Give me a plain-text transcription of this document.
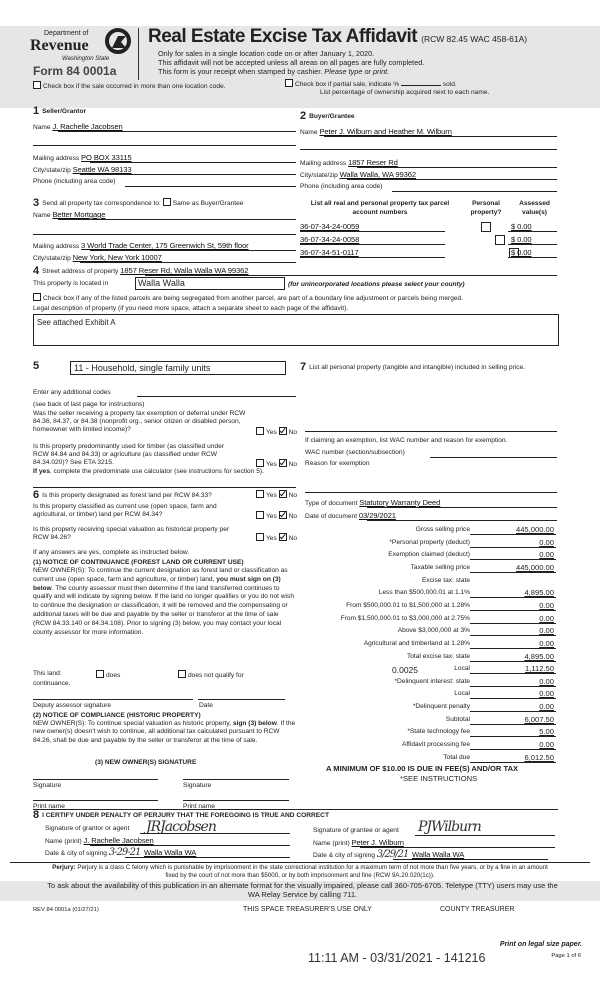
Department of
Revenue
Washington State
Form 84 0001a
Real Estate Excise Tax Affidavit (RCW 82.45 WAC 458-61A)
Only for sales in a single location code on or after January 1, 2020.
This affidavit will not be accepted unless all areas on all pages are fully completed.
This form is your receipt when stamped by cashier. Please type or print.
Check box if the sale occurred in more than one location code.	Check box if partial sale, indicate %	sold.
List percentage of ownership acquired next to each name.
1 Seller/Grantor
Name J. Rachelle Jacobsen
Mailing address PO BOX 33115
City/state/zip Seattle WA 98133
Phone (including area code)
2 Buyer/Grantee
Name Peter J. Wilburn and Heather M. Wilburn
Mailing address 1857 Reser Rd
City/state/zip Walla Walla, WA 99362
Phone (including area code)
3 Send all property tax correspondence to: Same as Buyer/Grantee
Name Better Mortgage
Mailing address 3 World Trade Center, 175 Greenwich St, 59th floor
City/state/zip New York, New York 10007
List all real and personal property tax parcel account numbers
Personal property?
Assessed value(s)
36-07-34-24-0059
	$ 0.00
36-07-34-24-0058
	$ 0.00
36-07-34-51-0117	$ 0.00
4 Street address of property 1857 Reser Rd, Walla Walla WA 99362
This property is located in	Walla Walla	(for unincorporated locations please select your county)
Check box if any of the listed parcels are being segregated from another parcel, are part of a boundary line adjustment or parcels being merged.
Legal description of property (if you need more space, attach a separate sheet to each page of the affidavit).
See attached Exhibit A
5	11 - Household, single family units
Enter any additional codes
(see back of last page for instructions)
Was the seller receiving a property tax exemption or deferral under RCW 84.36, 84.37, or 84.38 (nonprofit org., senior citizen or disabled person, homeowner with limited income)?	Yes No
Is this property predominantly used for timber (as classified under RCW 84.84 and 84.33) or agriculture (as classified under RCW 84.34.020)? See ETA 3215.	Yes No
If yes, complete the predominate use calculator (see instructions for section 5).
6 Is this property designated as forest land per RCW 84.33?	Yes No
Is this property classified as current use (open space, farm and agricultural, or timber) land per RCW 84.34?	Yes No
Is this property receiving special valuation as historical property per RCW 84.26?	Yes No
If any answers are yes, complete as instructed below.
(1) NOTICE OF CONTINUANCE (FOREST LAND OR CURRENT USE)
NEW OWNER(S): To continue the current designation as forest land or classification as current use (open space, farm and agriculture, or timber) land, you must sign on (3) below. The county assessor must then determine if the land transferred continues to qualify and will indicate by signing below. If the land no longer qualifies or you do not wish to continue the designation or classification, it will be removed and the compensating or additional taxes will be due and payable by the seller or transferor at the time of sale (RCW 84.33.140 or 84.34.108). Prior to signing (3) below, you may contact your local county assessor for more information.
This land:	does	does not qualify for
continuance.
Deputy assessor signature	Date
(2) NOTICE OF COMPLIANCE (HISTORIC PROPERTY)
NEW OWNER(S): To continue special valuation as historic property, sign (3) below. If the new owner(s) doesn't wish to continue, all additional tax calculated pursuant to RCW 84.26, shall be due and payable by the seller or transferor at the time of sale.
(3) NEW OWNER(S) SIGNATURE
Signature	Signature
Print name	Print name
7 List all personal property (tangible and intangible) included in selling price.
If claiming an exemption, list WAC number and reason for exemption.
WAC number (section/subsection)
Reason for exemption
Type of document Statutory Warranty Deed
Date of document 03/29/2021
Gross selling price	445,000.00
*Personal property (deduct)	0.00
Exemption claimed (deduct)	0.00
Taxable selling price	445,000.00
Excise tax: state
Less than $500,000.01 at 1.1%	4,895.00
From $500,000.01 to $1,500,000 at 1.28%	0.00
From $1,500,000.01 to $3,000,000 at 2.75%	0.00
Above $3,000,000 at 3%	0.00
Agricultural and timberland at 1.28%	0.00
Total excise tax: state	4,895.00
Local	1,112.50
*Delinquent interest: state	0.00
Local	0.00
*Delinquent penalty	0.00
Subtotal	6,007.50
*State technology fee	5.00
Affidavit processing fee	0.00
Total due	6,012.50
0.0025
A MINIMUM OF $10.00 IS DUE IN FEE(S) AND/OR TAX
*SEE INSTRUCTIONS
8 I CERTIFY UNDER PENALTY OF PERJURY THAT THE FOREGOING IS TRUE AND CORRECT
Signature of grantor or agent JRJacobsen
Name (print) J. Rachelle Jacobsen
Date & city of signing 3-29-21 Walla Walla WA
Signature of grantee or agent PJWilburn
Name (print) Peter J. Wilburn
Date & city of signing 3/29/21 Walla Walla WA
Perjury: Perjury is a class C felony which is punishable by imprisonment in the state correctional institution for a maximum term of not more than five years, or by a fine in an amount fixed by the court of not more than $5000, or by both imprisonment and fine (RCW 9A.20.020(1c)).
To ask about the availability of this publication in an alternate format for the visually impaired, please call 360-705-6705. Teletype (TTY) users may use the WA Relay Service by calling 711.
REV 84 0001a (01/27/21)	THIS SPACE TREASURER'S USE ONLY	COUNTY TREASURER
Print on legal size paper.
11:11 AM - 03/31/2021 - 141216	Page 1 of 6
